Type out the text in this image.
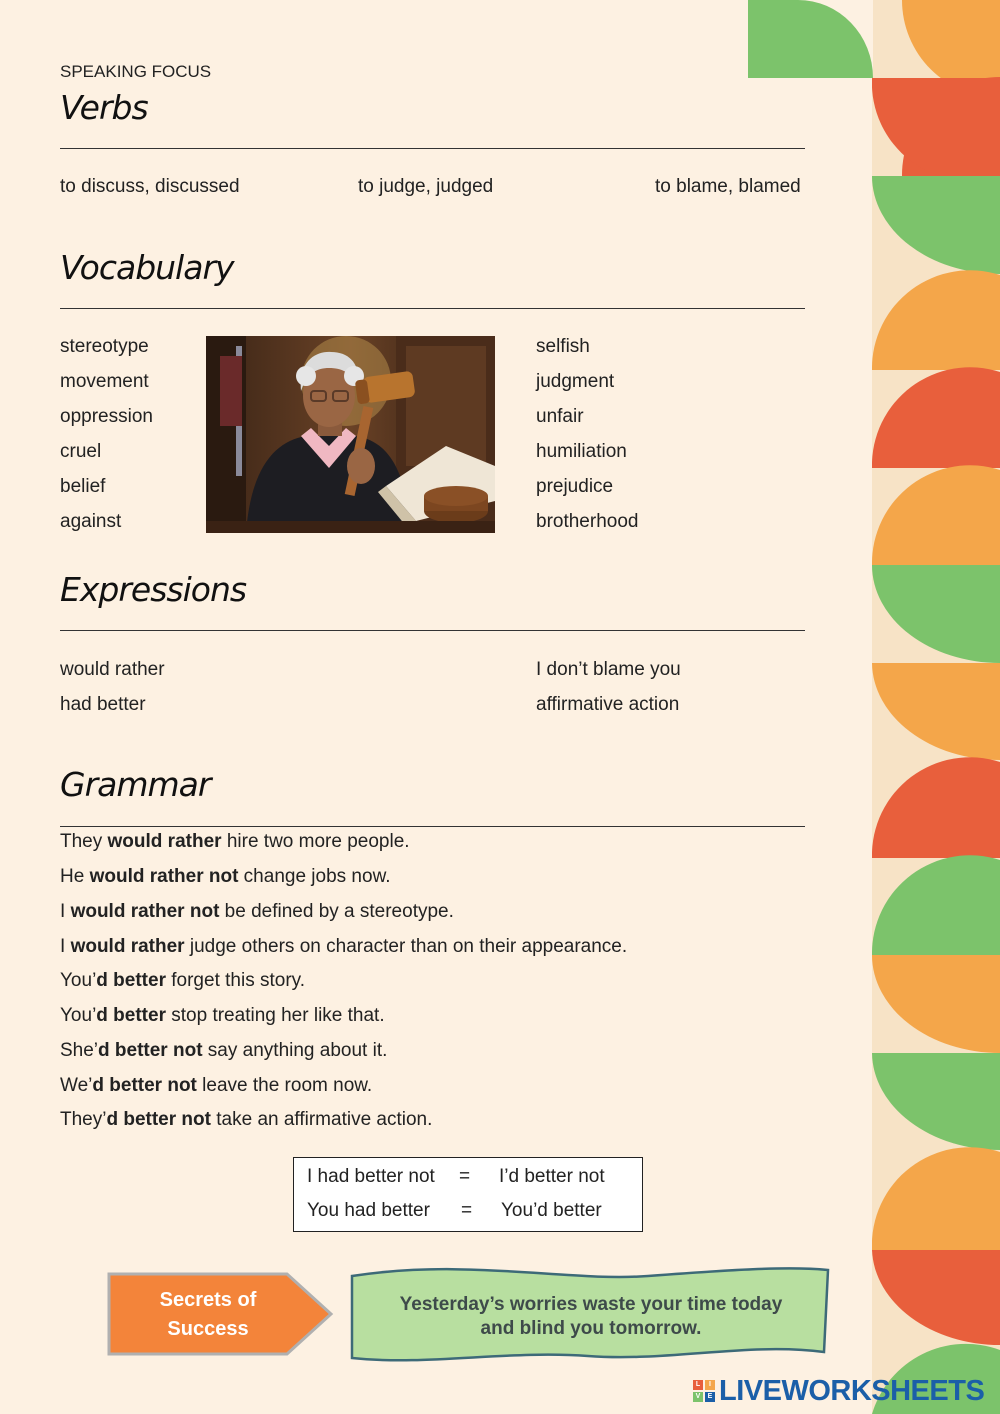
SPEAKING FOCUS
Verbs
to discuss, discussed	to judge, judged	to blame, blamed
Vocabulary
stereotype
movement
oppression
cruel
belief
against
selfish
judgment
unfair
humiliation
prejudice
brotherhood
Expressions
would rather
had better
I don’t blame you
affirmative action
Grammar
They would rather hire two more people.
He would rather not change jobs now.
I would rather not be defined by a stereotype.
I would rather judge others on character than on their appearance.
You’d better forget this story.
You’d better stop treating her like that.
She’d better not say anything about it.
We’d better not leave the room now.
They’d better not take an affirmative action.
I had better not = I’d better not
You had better = You’d better
Secrets of
Success
Yesterday’s worries waste your time today
and blind you tomorrow.
L	I
V	E LIVEWORKSHEETS
